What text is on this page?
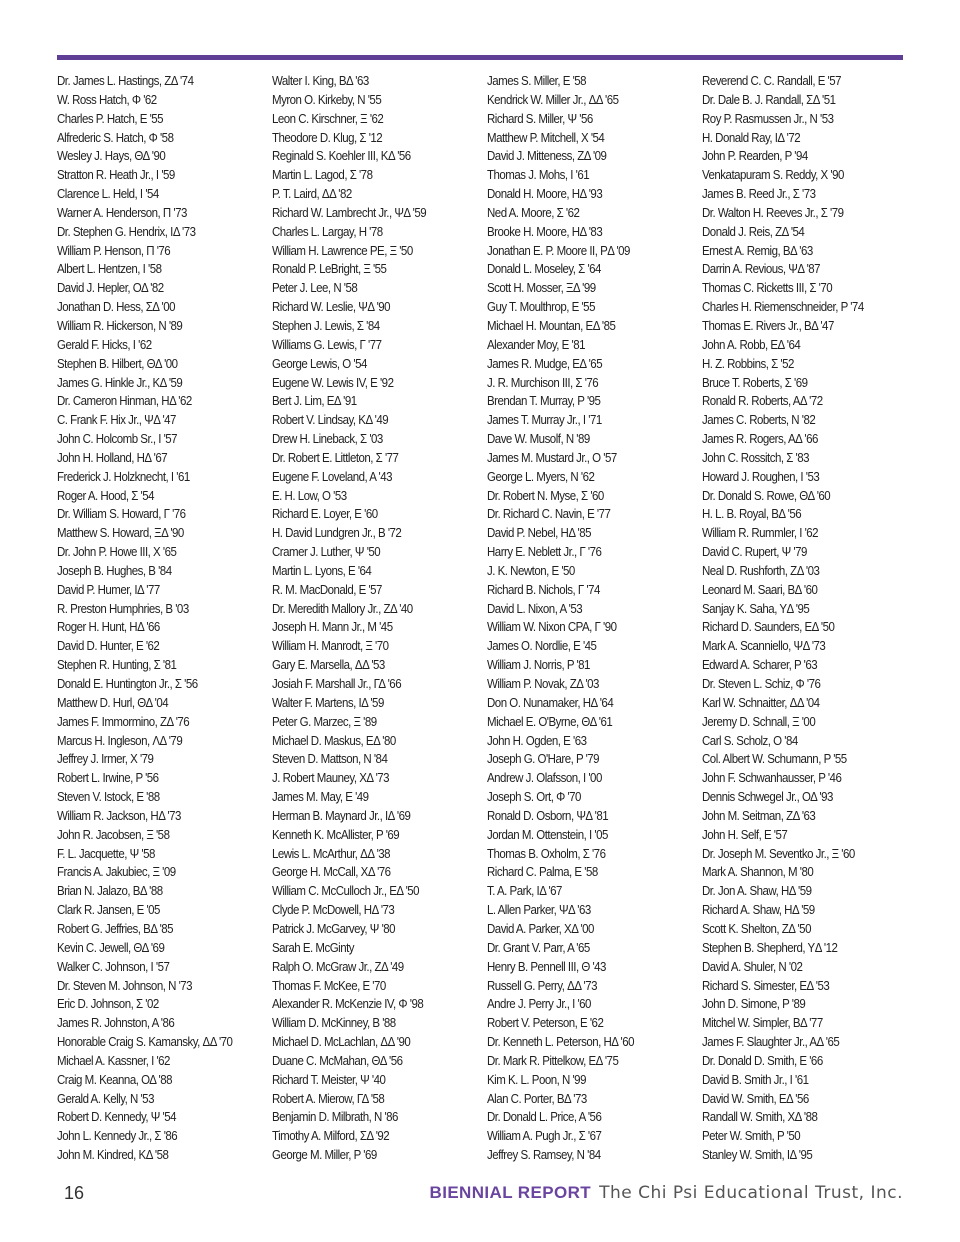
Dr. James L. Hastings, ΖΔ '74
W. Ross Hatch, Φ '62
Charles P. Hatch, E '55
Alfrederic S. Hatch, Φ '58
Wesley J. Hays, ΘΔ '90
Stratton R. Heath Jr., I '59
Clarence L. Held, I '54
Warner A. Henderson, Π '73
Dr. Stephen G. Hendrix, IΔ '73
William P. Henson, Π '76
Albert L. Hentzen, I '58
David J. Hepler, ΟΔ '82
Jonathan D. Hess, ΣΔ '00
William R. Hickerson, N '89
Gerald F. Hicks, I '62
Stephen B. Hilbert, ΘΔ '00
James G. Hinkle Jr., KΔ '59
Dr. Cameron Hinman, HΔ '62
C. Frank F. Hix Jr., ΨΔ '47
John C. Holcomb Sr., I '57
John H. Holland, HΔ '67
Frederick J. Holzknecht, I '61
Roger A. Hood, Σ '54
Dr. William S. Howard, Γ '76
Matthew S. Howard, ΞΔ '90
Dr. John P. Howe III, X '65
Joseph B. Hughes, B '84
David P. Humer, IΔ '77
R. Preston Humphries, B '03
Roger H. Hunt, HΔ '66
David D. Hunter, E '62
Stephen R. Hunting, Σ '81
Donald E. Huntington Jr., Σ '56
Matthew D. Hurl, ΘΔ '04
James F. Immormino, ΖΔ '76
Marcus H. Ingleson, ΛΔ '79
Jeffrey J. Irmer, X '79
Robert L. Irwine, P '56
Steven V. Istock, E '88
William R. Jackson, HΔ '73
John R. Jacobsen, Ξ '58
F. L. Jacquette, Ψ '58
Francis A. Jakubiec, Ξ '09
Brian N. Jalazo, BΔ '88
Clark R. Jansen, E '05
Robert G. Jeffries, BΔ '85
Kevin C. Jewell, ΘΔ '69
Walker C. Johnson, I '57
Dr. Steven M. Johnson, N '73
Eric D. Johnson, Σ '02
James R. Johnston, A '86
Honorable Craig S. Kamansky, ΔΔ '70
Michael A. Kassner, I '62
Craig M. Keanna, ΟΔ '88
Gerald A. Kelly, N '53
Robert D. Kennedy, Ψ '54
John L. Kennedy Jr., Σ '86
John M. Kindred, KΔ '58
Walter I. King, BΔ '63
Myron O. Kirkeby, N '55
Leon C. Kirschner, Ξ '62
Theodore D. Klug, Σ '12
Reginald S. Koehler III, KΔ '56
Martin L. Lagod, Σ '78
P. T. Laird, ΔΔ '82
Richard W. Lambrecht Jr., ΨΔ '59
Charles L. Largay, H '78
William H. Lawrence PE, Ξ '50
Ronald P. LeBright, Ξ '55
Peter J. Lee, N '58
Richard W. Leslie, ΨΔ '90
Stephen J. Lewis, Σ '84
Williams G. Lewis, Γ '77
George Lewis, O '54
Eugene W. Lewis IV, E '92
Bert J. Lim, EΔ '91
Robert V. Lindsay, KΔ '49
Drew H. Lineback, Σ '03
Dr. Robert E. Littleton, Σ '77
Eugene F. Loveland, A '43
E. H. Low, O '53
Richard E. Loyer, E '60
H. David Lundgren Jr., B '72
Cramer J. Luther, Ψ '50
Martin L. Lyons, E '64
R. M. MacDonald, E '57
Dr. Meredith Mallory Jr., ΖΔ '40
Joseph H. Mann Jr., M '45
William H. Manrodt, Ξ '70
Gary E. Marsella, ΔΔ '53
Josiah F. Marshall Jr., ΓΔ '66
Walter F. Martens, IΔ '59
Peter G. Marzec, Ξ '89
Michael D. Maskus, EΔ '80
Steven D. Mattson, N '84
J. Robert Mauney, XΔ '73
James M. May, E '49
Herman B. Maynard Jr., IΔ '69
Kenneth K. McAllister, P '69
Lewis L. McArthur, ΔΔ '38
George H. McCall, XΔ '76
William C. McCulloch Jr., EΔ '50
Clyde P. McDowell, HΔ '73
Patrick J. McGarvey, Ψ '80
Sarah E. McGinty
Ralph O. McGraw Jr., ΖΔ '49
Thomas F. McKee, E '70
Alexander R. McKenzie IV, Φ '98
William D. McKinney, B '88
Michael D. McLachlan, ΔΔ '90
Duane C. McMahan, ΘΔ '56
Richard T. Meister, Ψ '40
Robert A. Mierow, ΓΔ '58
Benjamin D. Milbrath, N '86
Timothy A. Milford, ΣΔ '92
George M. Miller, P '69
James S. Miller, E '58
Kendrick W. Miller Jr., ΔΔ '65
Richard S. Miller, Ψ '56
Matthew P. Mitchell, X '54
David J. Mitteness, ΖΔ '09
Thomas J. Mohs, I '61
Donald H. Moore, HΔ '93
Ned A. Moore, Σ '62
Brooke H. Moore, HΔ '83
Jonathan E. P. Moore II, PΔ '09
Donald L. Moseley, Σ '64
Scott H. Mosser, ΞΔ '99
Guy T. Moulthrop, E '55
Michael H. Mountan, EΔ '85
Alexander Moy, E '81
James R. Mudge, EΔ '65
J. R. Murchison III, Σ '76
Brendan T. Murray, P '95
James T. Murray Jr., I '71
Dave W. Musolf, N '89
James M. Mustard Jr., O '57
George L. Myers, N '62
Dr. Robert N. Myse, Σ '60
Dr. Richard C. Navin, E '77
David P. Nebel, HΔ '85
Harry E. Neblett Jr., Γ '76
J. K. Newton, E '50
Richard B. Nichols, Γ '74
David L. Nixon, A '53
William W. Nixon CPA, Γ '90
James O. Nordlie, E '45
William J. Norris, P '81
William P. Novak, ΖΔ '03
Don O. Nunamaker, HΔ '64
Michael E. O'Byrne, ΘΔ '61
John H. Ogden, E '63
Joseph G. O'Hare, P '79
Andrew J. Olafsson, I '00
Joseph S. Ort, Φ '70
Ronald D. Osborn, ΨΔ '81
Jordan M. Ottenstein, I '05
Thomas B. Oxholm, Σ '76
Richard C. Palma, E '58
T. A. Park, IΔ '67
L. Allen Parker, ΨΔ '63
David A. Parker, XΔ '00
Dr. Grant V. Parr, A '65
Henry B. Pennell III, Θ '43
Russell G. Perry, ΔΔ '73
Andre J. Perry Jr., I '60
Robert V. Peterson, E '62
Dr. Kenneth L. Peterson, HΔ '60
Dr. Mark R. Pittelkow, EΔ '75
Kim K. L. Poon, N '99
Alan C. Porter, BΔ '73
Dr. Donald L. Price, A '56
William A. Pugh Jr., Σ '67
Jeffrey S. Ramsey, N '84
Reverend C. C. Randall, E '57
Dr. Dale B. J. Randall, ΣΔ '51
Roy P. Rasmussen Jr., N '53
H. Donald Ray, IΔ '72
John P. Rearden, P '94
Venkatapuram S. Reddy, X '90
James B. Reed Jr., Σ '73
Dr. Walton H. Reeves Jr., Σ '79
Donald J. Reis, ΖΔ '54
Ernest A. Remig, BΔ '63
Darrin A. Revious, ΨΔ '87
Thomas C. Ricketts III, Σ '70
Charles H. Riemenschneider, P '74
Thomas E. Rivers Jr., BΔ '47
John A. Robb, EΔ '64
H. Z. Robbins, Σ '52
Bruce T. Roberts, Σ '69
Ronald R. Roberts, AΔ '72
James C. Roberts, N '82
James R. Rogers, AΔ '66
John C. Rossitch, Σ '83
Howard J. Roughen, I '53
Dr. Donald S. Rowe, ΘΔ '60
H. L. B. Royal, BΔ '56
William R. Rummler, I '62
David C. Rupert, Ψ '79
Neal D. Rushforth, ΖΔ '03
Leonard M. Saari, BΔ '60
Sanjay K. Saha, YΔ '95
Richard D. Saunders, EΔ '50
Mark A. Scanniello, ΨΔ '73
Edward A. Scharer, P '63
Dr. Steven L. Schiz, Φ '76
Karl W. Schnaitter, ΔΔ '04
Jeremy D. Schnall, Ξ '00
Carl S. Scholz, O '84
Col. Albert W. Schumann, P '55
John F. Schwanhausser, P '46
Dennis Schwegel Jr., ΟΔ '93
John M. Seitman, ΖΔ '63
John H. Self, E '57
Dr. Joseph M. Seventko Jr., Ξ '60
Mark A. Shannon, M '80
Dr. Jon A. Shaw, HΔ '59
Richard A. Shaw, HΔ '59
Scott K. Shelton, ZΔ '50
Stephen B. Shepherd, YΔ '12
David A. Shuler, N '02
Richard S. Simester, EΔ '53
John D. Simone, P '89
Mitchel W. Simpler, BΔ '77
James F. Slaughter Jr., AΔ '65
Dr. Donald D. Smith, E '66
David B. Smith Jr., I '61
David W. Smith, EΔ '56
Randall W. Smith, XΔ '88
Peter W. Smith, P '50
Stanley W. Smith, IΔ '95
16	BIENNIAL REPORT The Chi Psi Educational Trust, Inc.
